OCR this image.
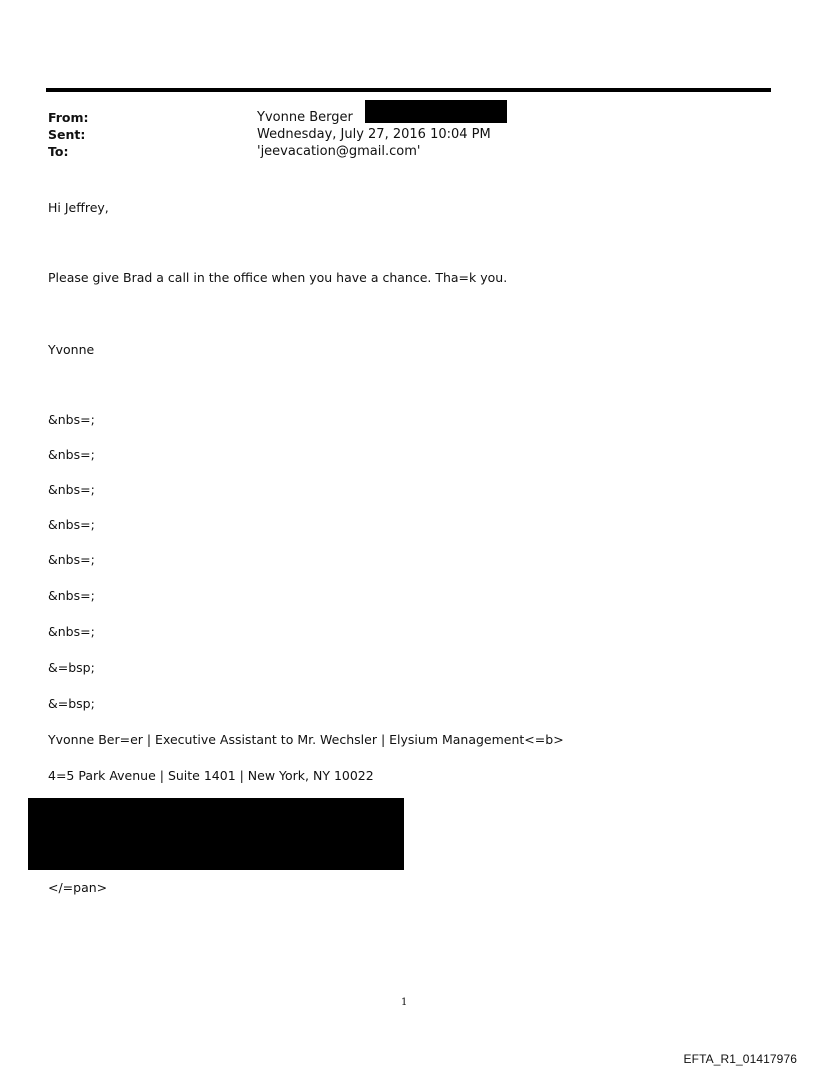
From:	Yvonne Berger
Sent:	Wednesday, July 27, 2016 10:04 PM
To:	'jeevacation@gmail.com'
Hi Jeffrey,
Please give Brad a call in the office when you have a chance. Tha=k you.
Yvonne
&nbs=;
&nbs=;
&nbs=;
&nbs=;
&nbs=;
&nbs=;
&nbs=;
&=bsp;
&=bsp;
Yvonne Ber=er | Executive Assistant to Mr. Wechsler | Elysium Management<=b>
4=5 Park Avenue | Suite 1401 | New York, NY 10022
</=pan>
1
EFTA_R1_01417976
